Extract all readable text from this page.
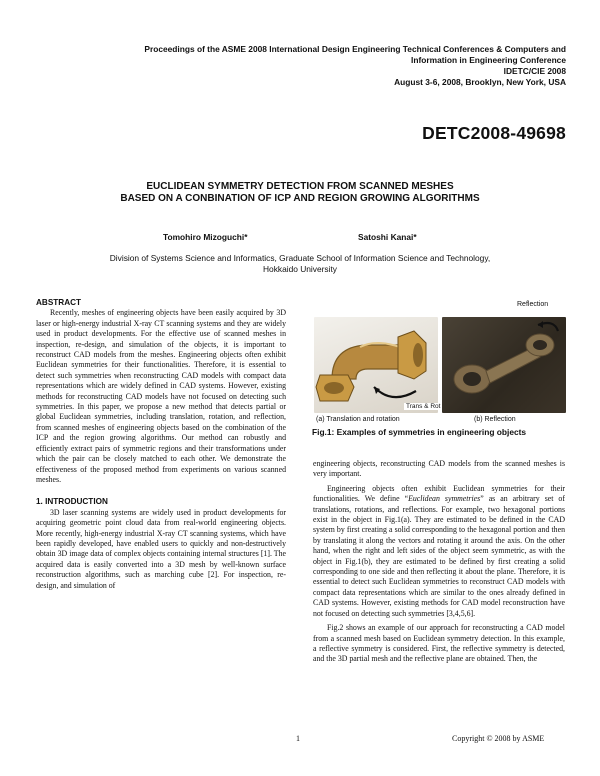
Proceedings of the ASME 2008 International Design Engineering Technical Conferences & Computers and
Information in Engineering Conference
IDETC/CIE 2008
August 3-6, 2008, Brooklyn, New York, USA
DETC2008-49698
EUCLIDEAN SYMMETRY DETECTION FROM SCANNED MESHES
BASED ON A CONBINATION OF ICP AND REGION GROWING ALGORITHMS
Tomohiro Mizoguchi*	Satoshi Kanai*
Division of Systems Science and Informatics, Graduate School of Information Science and Technology,
Hokkaido University
ABSTRACT

Recently, meshes of engineering objects have been easily acquired by 3D laser or high-energy industrial X-ray CT scanning systems and they are widely used in product developments. For the effective use of scanned meshes in inspection, re-design, and simulation of the objects, it is important to reconstruct CAD models from the meshes. Engineering objects often exhibit Euclidean symmetries for their functionalities. Therefore, it is essential to detect such symmetries when reconstructing CAD models with compact data representations which are widely defined in CAD systems. However, existing methods for reconstructing CAD models have not focused on detecting such symmetries. In this paper, we propose a new method that detects partial or global Euclidean symmetries, including translation, rotation, and reflection, from scanned meshes of engineering objects based on the combination of the ICP and the region growing algorithms. Our method can robustly and efficiently extract pairs of symmetric regions and their transformations under which the pair can be closely matched to each other. We demonstrate the effectiveness of the proposed method from experiments on various scanned meshes.

1. INTRODUCTION

3D laser scanning systems are widely used in product developments for acquiring geometric point cloud data from real-world engineering objects. More recently, high-energy industrial X-ray CT scanning systems, which have been rapidly developed, have enabled users to quickly and non-destructively obtain 3D image data of complex objects containing internal structures [1]. The acquired data is easily converted into a 3D mesh by well-known surface reconstruction algorithms, such as marching cube [2]. For inspection, re-design, and simulation of

Reflection
Trans & Rot
(a) Translation and rotation	(b) Reflection
Fig.1: Examples of symmetries in engineering objects

engineering objects, reconstructing CAD models from the scanned meshes is very important.

Engineering objects often exhibit Euclidean symmetries for their functionalities. We define “Euclidean symmetries” as an arbitrary set of translations, rotations, and reflections. For example, two hexagonal portions exist in the object in Fig.1(a). They are estimated to be defined in the CAD system by first creating a solid corresponding to the hexagonal portion and then by translating it along the vectors and rotating it around the axis. On the other hand, when the right and left sides of the object seem symmetric, as with the object in Fig.1(b), they are estimated to be defined by first creating a solid corresponding to one side and then reflecting it about the plane. Therefore, it is essential to detect such Euclidean symmetries to reconstruct CAD models with compact data representations which are similar to the ones already defined in CAD systems. However, existing methods for CAD model reconstruction have not focused on detecting such symmetries [3,4,5,6].

Fig.2 shows an example of our approach for reconstructing a CAD model from a scanned mesh based on Euclidean symmetry detection. In this example, a reflective symmetry is considered. First, the reflective symmetry is detected, and the 3D partial mesh and the reflective plane are obtained. Then, the

1	Copyright © 2008 by ASME
